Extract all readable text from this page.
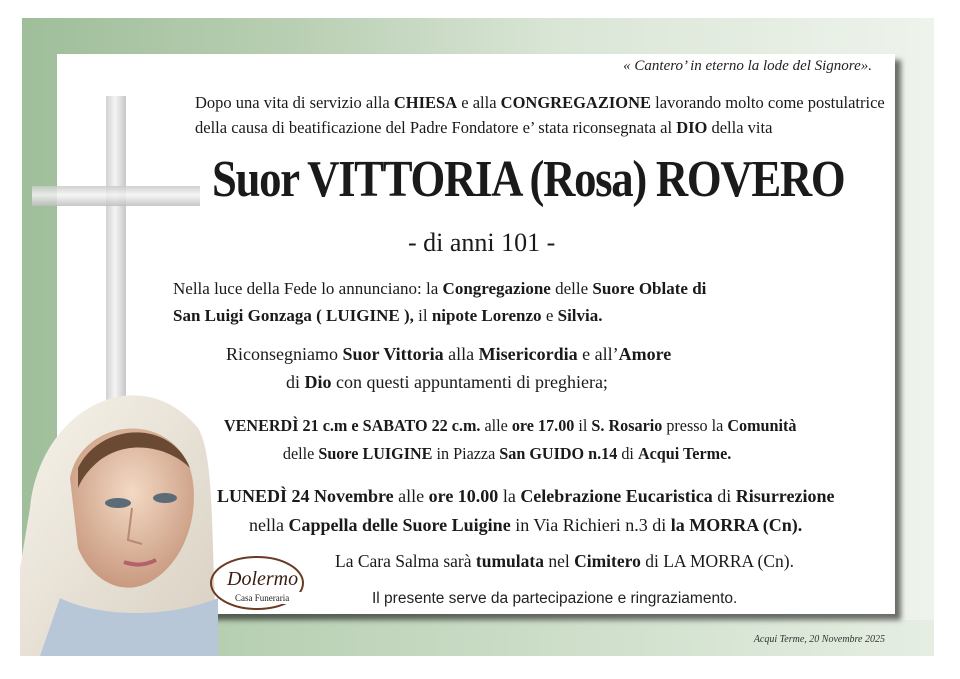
« Cantero’ in eterno la lode del Signore».
Dopo una vita di servizio alla CHIESA e alla CONGREGAZIONE lavorando molto come postulatrice
della causa di beatificazione del Padre Fondatore e’ stata riconsegnata al DIO della vita
Suor VITTORIA (Rosa) ROVERO
- di anni 101 -
Nella luce della Fede lo annunciano: la Congregazione delle Suore Oblate di
San Luigi Gonzaga ( LUIGINE ), il nipote Lorenzo e Silvia.
Riconsegniamo Suor Vittoria alla Misericordia e all’Amore
di Dio con questi appuntamenti di preghiera;
VENERDÌ 21 c.m e SABATO 22 c.m. alle ore 17.00 il S. Rosario presso la Comunità
delle Suore LUIGINE in Piazza San GUIDO n.14 di Acqui Terme.
LUNEDÌ 24 Novembre alle ore 10.00 la Celebrazione Eucaristica di Risurrezione
nella Cappella delle Suore Luigine in Via Richieri n.3 di la MORRA (Cn).
La Cara Salma sarà tumulata nel Cimitero di LA MORRA (Cn).
Il presente serve da partecipazione e ringraziamento.
Acqui Terme, 20 Novembre 2025
Dolermo
Casa Funeraria
